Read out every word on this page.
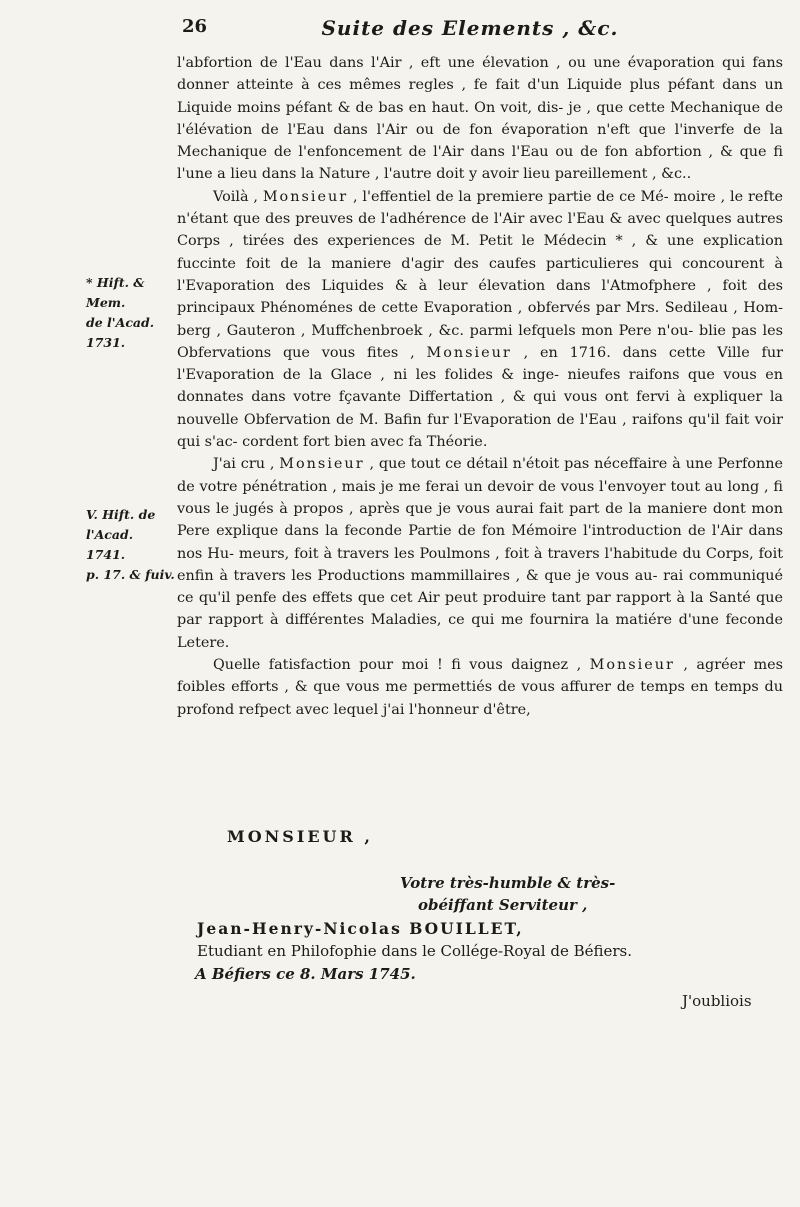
26	Suite des Elements , &c.

l'abfortion de l'Eau dans l'Air , eft une élevation , ou une évaporation qui fans donner atteinte à ces mêmes regles , fe fait d'un Liquide plus péfant dans un Liquide moins péfant & de bas en haut. On voit, dis- je , que cette Mechanique de l'élévation de l'Eau dans l'Air ou de fon évaporation n'eft que l'inverfe de la Mechanique de l'enfoncement de l'Air dans l'Eau ou de fon abfortion , & que fi l'une a lieu dans la Nature , l'autre doit y avoir lieu pareillement , &c..

Voilà , Monsieur , l'effentiel de la premiere partie de ce Mé- moire , le refte n'étant que des preuves de l'adhérence de l'Air avec l'Eau & avec quelques autres Corps , tirées des experiences de M. Petit le Médecin * , & une explication fuccinte foit de la maniere d'agir des caufes particulieres qui concourent à l'Evaporation des Liquides & à leur élevation dans l'Atmofphere , foit des principaux Phénoménes de cette Evaporation , obfervés par Mrs. Sedileau , Hom- berg , Gauteron , Muffchenbroek , &c. parmi lefquels mon Pere n'ou- blie pas les Obfervations que vous fites , Monsieur , en 1716. dans cette Ville fur l'Evaporation de la Glace , ni les folides & inge- nieufes raifons que vous en donnates dans votre fçavante Differtation , & qui vous ont fervi à expliquer la nouvelle Obfervation de M. Bafin fur l'Evaporation de l'Eau , raifons qu'il fait voir qui s'ac- cordent fort bien avec fa Théorie.

J'ai cru , Monsieur , que tout ce détail n'étoit pas néceffaire à une Perfonne de votre pénétration , mais je me ferai un devoir de vous l'envoyer tout au long , fi vous le jugés à propos , après que je vous aurai fait part de la maniere dont mon Pere explique dans la feconde Partie de fon Mémoire l'introduction de l'Air dans nos Hu- meurs, foit à travers les Poulmons , foit à travers l'habitude du Corps, foit enfin à travers les Productions mammillaires , & que je vous au- rai communiqué ce qu'il penfe des effets que cet Air peut produire tant par rapport à la Santé que par rapport à différentes Maladies, ce qui me fournira la matiére d'une feconde Letere.

Quelle fatisfaction pour moi ! fi vous daignez , Monsieur , agréer mes foibles efforts , & que vous me permettiés de vous affurer de temps en temps du profond refpect avec lequel j'ai l'honneur d'être,

* Hift. & Mem.
de l'Acad. 1731.
V. Hift. de
l'Acad. 1741.
p. 17. & fuiv.
MONSIEUR ,
Votre très-humble & très-
obéiffant Serviteur ,
Jean-Henry-Nicolas BOUILLET,
Etudiant en Philofophie dans le Collége-Royal de Béfiers.
A Béfiers ce 8. Mars 1745.
J'oubliois
